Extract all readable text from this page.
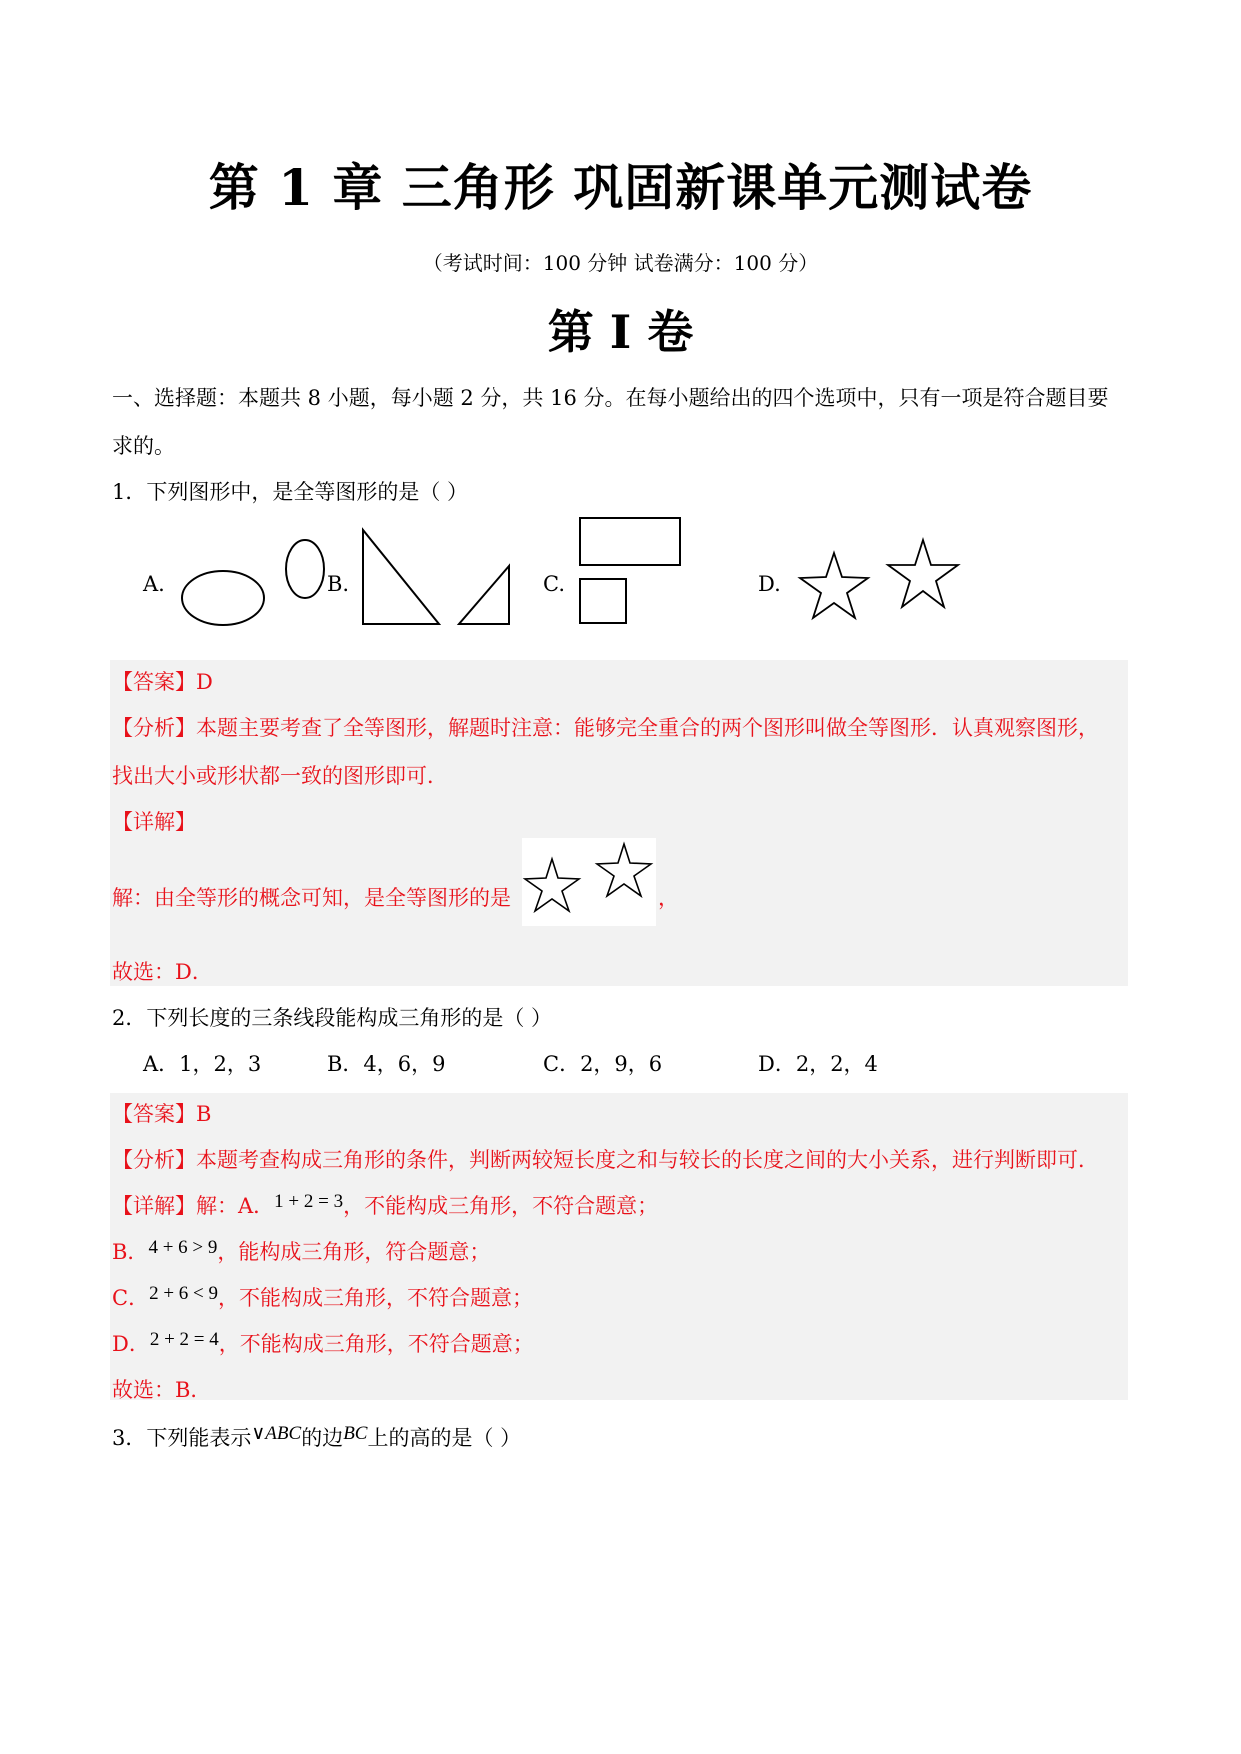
第 1 章 三角形 巩固新课单元测试卷
（考试时间：100 分钟 试卷满分：100 分）
第 I 卷
一、选择题：本题共 8 小题，每小题 2 分，共 16 分。在每小题给出的四个选项中，只有一项是符合题目要
求的。
1．下列图形中，是全等图形的是（ ）
A.	B.	C.	D.
【答案】D
【分析】本题主要考查了全等图形，解题时注意：能够完全重合的两个图形叫做全等图形．认真观察图形，
找出大小或形状都一致的图形即可．
【详解】
解：由全等形的概念可知，是全等图形的是	，
故选：D．
2．下列长度的三条线段能构成三角形的是（ ）
A．1，2，3	B．4，6，9	C．2，9，6	D．2，2，4
【答案】B
【分析】本题考查构成三角形的条件，判断两较短长度之和与较长的长度之间的大小关系，进行判断即可．
【详解】解：A．1 + 2 = 3，不能构成三角形，不符合题意；
B．4 + 6 > 9，能构成三角形，符合题意；
C．2 + 6 < 9，不能构成三角形，不符合题意；
D．2 + 2 = 4，不能构成三角形，不符合题意；
故选：B．
3．下列能表示∨ABC的边BC上的高的是（ ）
